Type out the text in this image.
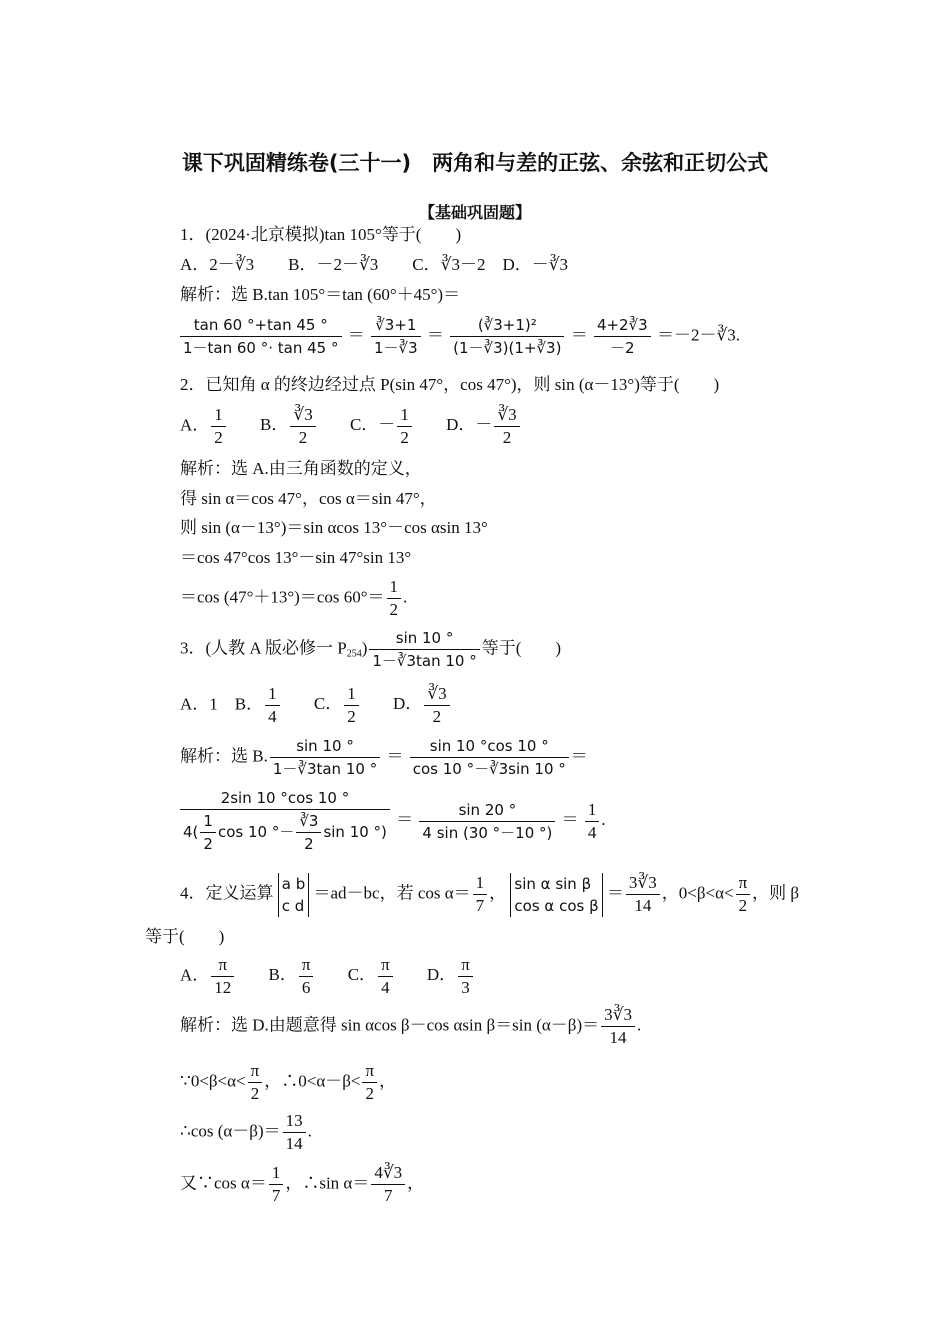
课下巩固精练卷(三十一)　两角和与差的正弦、余弦和正切公式
【基础巩固题】
1．(2024·北京模拟)tan 105°等于(　　)
A．2－∛3　　B．－2－∛3　　C．∛3－2　D．－∛3
解析：选 B.tan 105°＝tan (60°＋45°)＝
$\frac{\tan 60 ^\circ+\tan 45 ^\circ}{1-\tan 60 ^\circ\cdot \tan 45 ^\circ} = \frac{∛3+1}{1-∛3} = \frac{\text{(∛3+1)²}}{(1-∛3)(1+∛3)} = \frac{4+2∛3}{-2}$ ＝－2－∛3.
2．已知角 α 的终边经过点 P(sin 47°，cos 47°)，则 sin (α－13°)等于(　　)
A． $\frac{1}{2}$ B． $\frac{∛3}{2}$ C．－ $\frac{1}{2}$ D．－ $\frac{∛3}{2}$
解析：选 A.由三角函数的定义，
得 sin α＝cos 47°，cos α＝sin 47°，
则 sin (α－13°)＝sin αcos 13°－cos αsin 13°
＝cos 47°cos 13°－sin 47°sin 13°
＝cos (47°＋13°)＝cos $60^\circ= \frac{1}{2}$ .
3．(人教 A 版必修一 $P_{254}) \frac{\sin 10 ^\circ}{1-∛3\tan 10 ^\circ}$ 等于(　　)
A．1　B． $\frac{1}{4}$ C． $\frac{1}{2}$ D． $\frac{∛3}{2}$
解析：选 B. $\frac{\sin 10 ^\circ}{1-∛3\tan 10 ^\circ} = \frac{\sin 10 ^\circ\cos 10 ^\circ}{\cos 10 ^\circ-∛3\sin 10 ^\circ}$ ＝
$\frac{2\sin 10 ^\circ\cos 10 ^\circ}{4( \frac{1}{2} \cos 10 ^\circ- \frac{∛3}{2} \sin 10 ^\circ)} = \frac{\sin 20 ^\circ}{4 \sin (30 ^\circ-10 ^\circ)} = \frac{1}{4}$ .
4．定义运算 a b
c d
＝ad－bc，若 $\cos \alpha= \frac{1}{7}$ ， sin α sin β
cos α cos β
＝ $\frac{3∛3}{14}$ ，$0<\beta<\alpha< \frac{\pi}{2}$ ，则 β
等于(　　)
A． $\frac{\pi}{12}$ B． $\frac{\pi}{6}$ C． $\frac{\pi}{4}$ D． $\frac{\pi}{3}$
解析：选 D.由题意得 sin αcos β－cos αsin β＝sin $(\alpha-\beta)= \frac{3∛3}{14}$ .
∵0<β<α< $\frac{\pi}{2}$ ，∴0<α－β< $\frac{\pi}{2}$ ，
∴cos $(\alpha-\beta)= \frac{13}{14}$ .
又∵cos $\alpha= \frac{1}{7}$ ，∴sin $\alpha= \frac{4∛3}{7}$ ，
